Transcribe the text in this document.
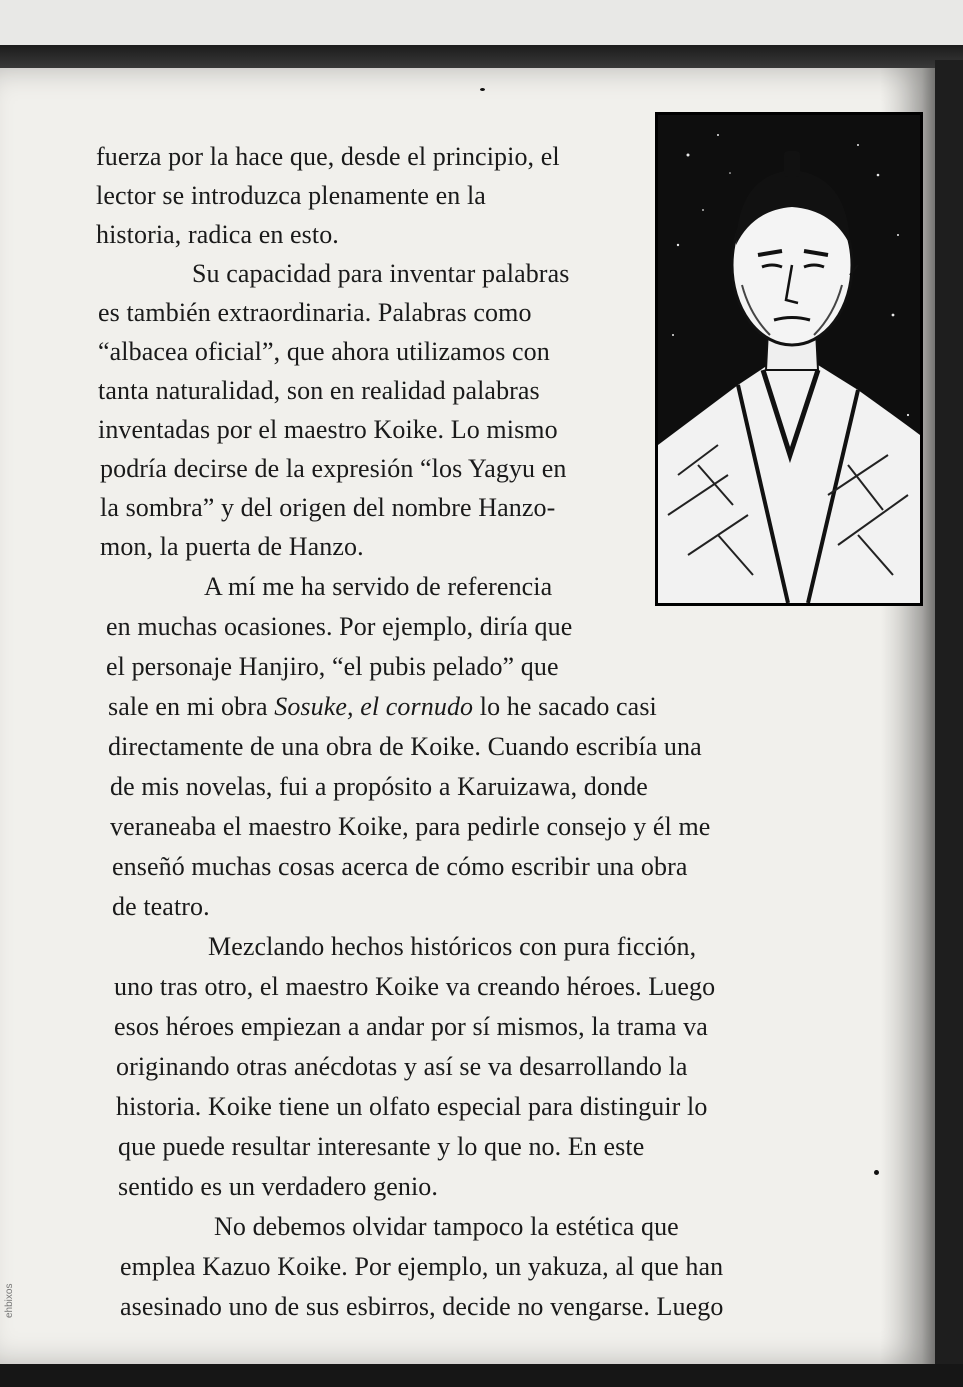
fuerza por la hace que, desde el principio, el
lector se introduzca plenamente en la
historia, radica en esto.
Su capacidad para inventar palabras
es también extraordinaria. Palabras como
“albacea oficial”, que ahora utilizamos con
tanta naturalidad, son en realidad palabras
inventadas por el maestro Koike. Lo mismo
podría decirse de la expresión “los Yagyu en
la sombra” y del origen del nombre Hanzo-
mon, la puerta de Hanzo.
A mí me ha servido de referencia
en muchas ocasiones. Por ejemplo, diría que
el personaje Hanjiro, “el pubis pelado” que
sale en mi obra Sosuke, el cornudo lo he sacado casi
directamente de una obra de Koike. Cuando escribía una
de mis novelas, fui a propósito a Karuizawa, donde
veraneaba el maestro Koike, para pedirle consejo y él me
enseñó muchas cosas acerca de cómo escribir una obra
de teatro.
Mezclando hechos históricos con pura ficción,
uno tras otro, el maestro Koike va creando héroes. Luego
esos héroes empiezan a andar por sí mismos, la trama va
originando otras anécdotas y así se va desarrollando la
historia. Koike tiene un olfato especial para distinguir lo
que puede resultar interesante y lo que no. En este
sentido es un verdadero genio.
No debemos olvidar tampoco la estética que
emplea Kazuo Koike. Por ejemplo, un yakuza, al que han
asesinado uno de sus esbirros, decide no vengarse. Luego
ehbixos
